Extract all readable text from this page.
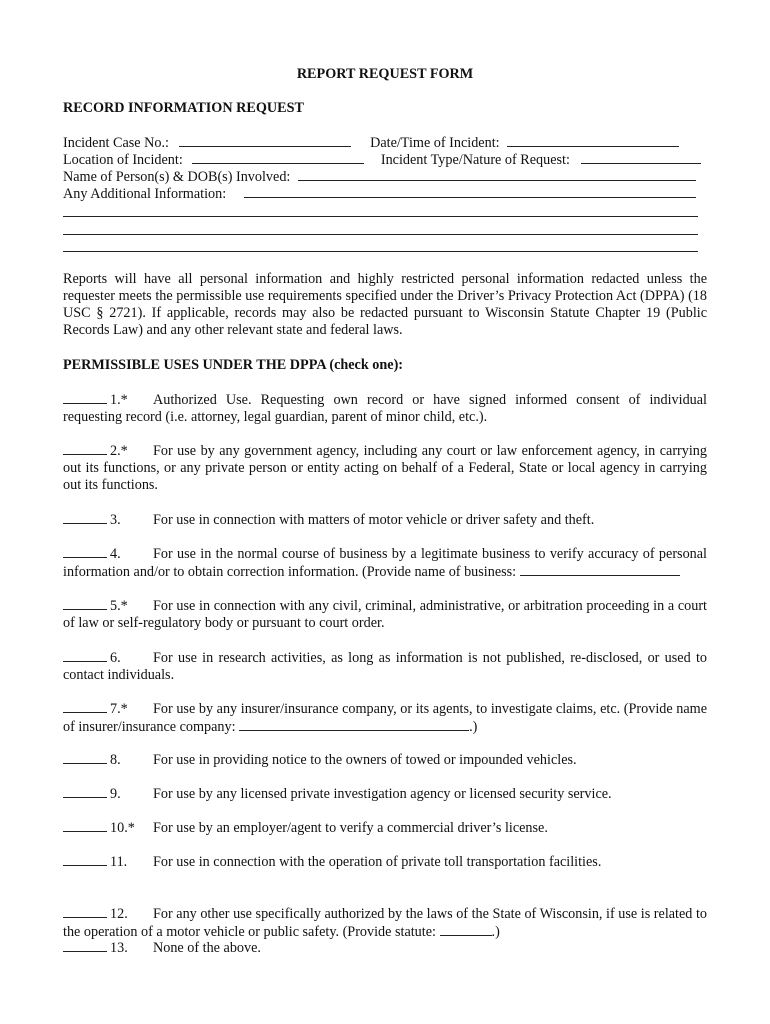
REPORT REQUEST FORM
RECORD INFORMATION REQUEST
Incident Case No.:	Date/Time of Incident:
Location of Incident:	Incident Type/Nature of Request:
Name of Person(s) & DOB(s) Involved:
Any Additional Information:
Reports will have all personal information and highly restricted personal information redacted unless the requester meets the permissible use requirements specified under the Driver’s Privacy Protection Act (DPPA) (18 USC § 2721). If applicable, records may also be redacted pursuant to Wisconsin Statute Chapter 19 (Public Records Law) and any other relevant state and federal laws.
PERMISSIBLE USES UNDER THE DPPA (check one):
1.* Authorized Use. Requesting own record or have signed informed consent of individual requesting record (i.e. attorney, legal guardian, parent of minor child, etc.).
2.* For use by any government agency, including any court or law enforcement agency, in carrying out its functions, or any private person or entity acting on behalf of a Federal, State or local agency in carrying out its functions.
3. For use in connection with matters of motor vehicle or driver safety and theft.
4. For use in the normal course of business by a legitimate business to verify accuracy of personal information and/or to obtain correction information. (Provide name of business:
5.* For use in connection with any civil, criminal, administrative, or arbitration proceeding in a court of law or self-regulatory body or pursuant to court order.
6. For use in research activities, as long as information is not published, re-disclosed, or used to contact individuals.
7.* For use by any insurer/insurance company, or its agents, to investigate claims, etc. (Provide name of insurer/insurance company:	.)
8. For use in providing notice to the owners of towed or impounded vehicles.
9. For use by any licensed private investigation agency or licensed security service.
10.* For use by an employer/agent to verify a commercial driver’s license.
11. For use in connection with the operation of private toll transportation facilities.
12. For any other use specifically authorized by the laws of the State of Wisconsin, if use is related to the operation of a motor vehicle or public safety. (Provide statute:	.)
13. None of the above.
